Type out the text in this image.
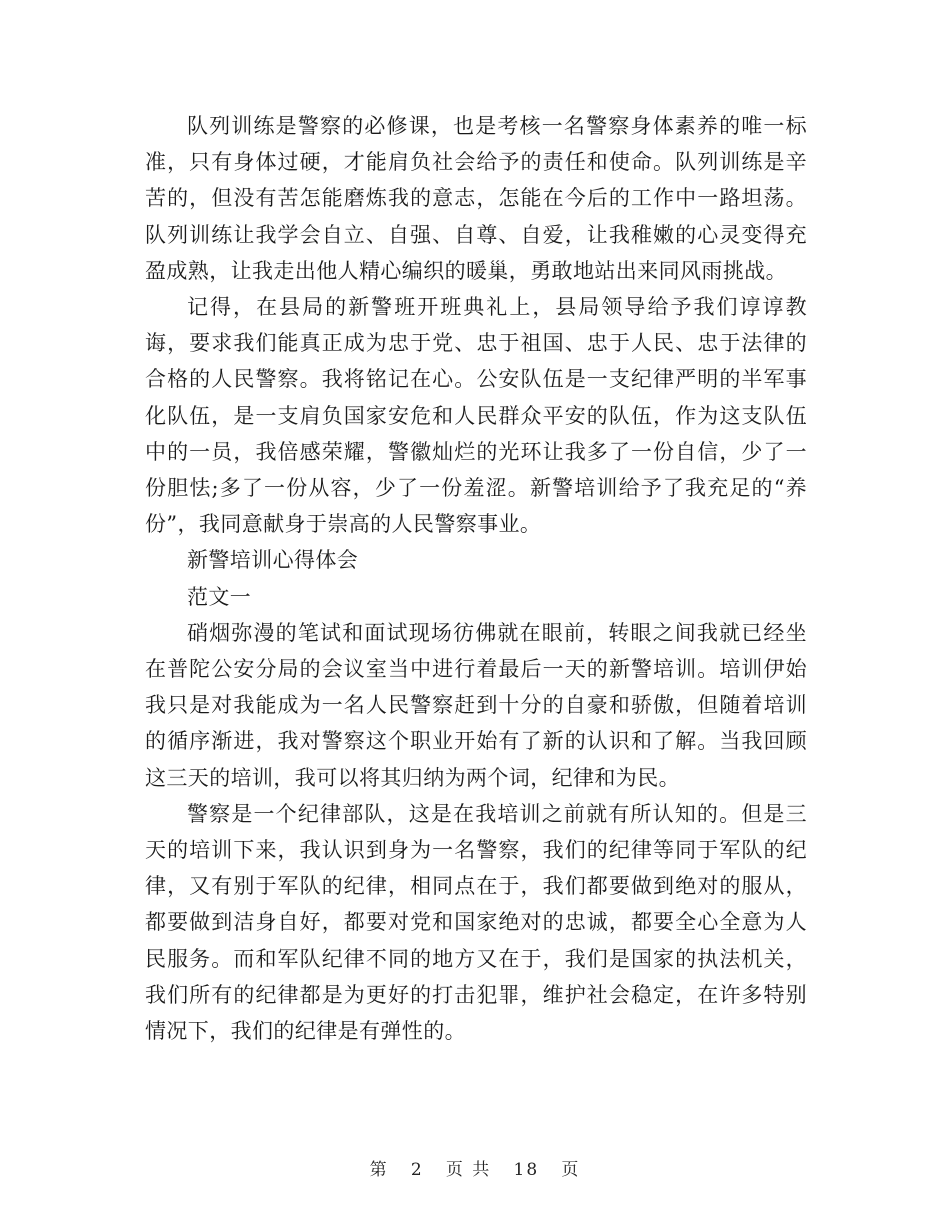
队列训练是警察的必修课，也是考核一名警察身体素养的唯一标准，只有身体过硬，才能肩负社会给予的责任和使命。队列训练是辛苦的，但没有苦怎能磨炼我的意志，怎能在今后的工作中一路坦荡。队列训练让我学会自立、自强、自尊、自爱，让我稚嫩的心灵变得充盈成熟，让我走出他人精心编织的暖巢，勇敢地站出来同风雨挑战。

记得，在县局的新警班开班典礼上，县局领导给予我们谆谆教诲，要求我们能真正成为忠于党、忠于祖国、忠于人民、忠于法律的合格的人民警察。我将铭记在心。公安队伍是一支纪律严明的半军事化队伍，是一支肩负国家安危和人民群众平安的队伍，作为这支队伍中的一员，我倍感荣耀，警徽灿烂的光环让我多了一份自信，少了一份胆怯;多了一份从容，少了一份羞涩。新警培训给予了我充足的“养份”，我同意献身于崇高的人民警察事业。

新警培训心得体会

范文一

硝烟弥漫的笔试和面试现场彷佛就在眼前，转眼之间我就已经坐在普陀公安分局的会议室当中进行着最后一天的新警培训。培训伊始我只是对我能成为一名人民警察赶到十分的自豪和骄傲，但随着培训的循序渐进，我对警察这个职业开始有了新的认识和了解。当我回顾这三天的培训，我可以将其归纳为两个词，纪律和为民。

警察是一个纪律部队，这是在我培训之前就有所认知的。但是三天的培训下来，我认识到身为一名警察，我们的纪律等同于军队的纪律，又有别于军队的纪律，相同点在于，我们都要做到绝对的服从，都要做到洁身自好，都要对党和国家绝对的忠诚，都要全心全意为人民服务。而和军队纪律不同的地方又在于，我们是国家的执法机关，我们所有的纪律都是为更好的打击犯罪，维护社会稳定，在许多特别情况下，我们的纪律是有弹性的。

第 2 页 共 18 页
